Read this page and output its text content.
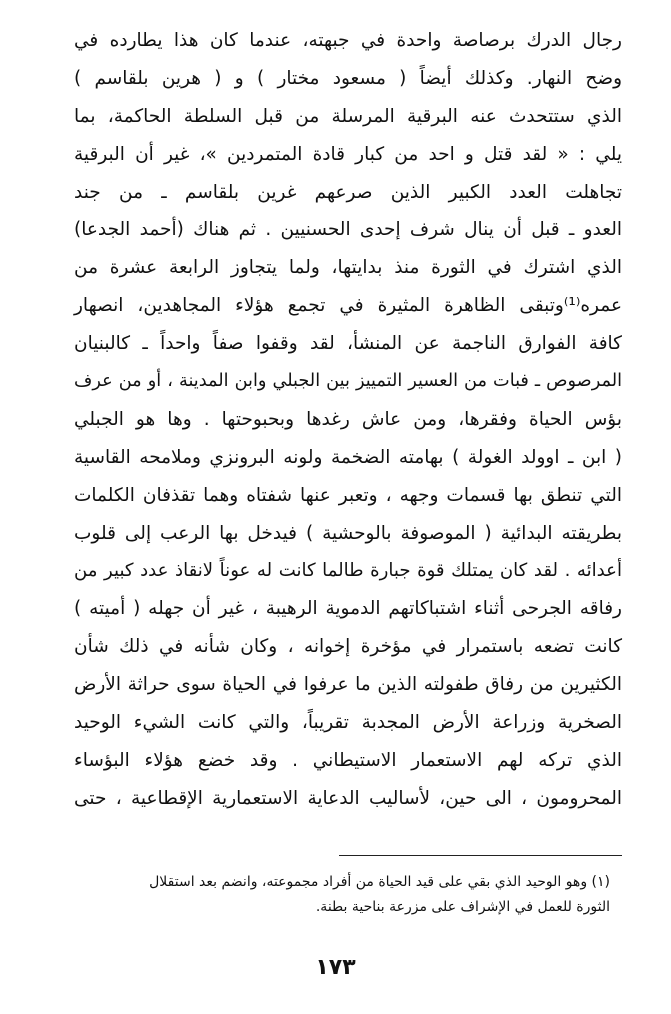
رجال الدرك برصاصة واحدة في جبهته، عندما كان هذا يطارده في
وضح النهار. وكذلك أيضاً ( مسعود مختار ) و ( هرين بلقاسم )
الذي ستتحدث عنه البرقية المرسلة من قبل السلطة الحاكمة، بما
يلي : « لقد قتل و احد من كبار قادة المتمردين »، غير أن البرقية
تجاهلت العدد الكبير الذين صرعهم غرين بلقاسم ـ من جند
العدو ـ قبل أن ينال شرف إحدى الحسنيين . ثم هناك (أحمد الجدعا)
الذي اشترك في الثورة منذ بدايتها، ولما يتجاوز الرابعة عشرة من
عمره⁽¹⁾وتبقى الظاهرة المثيرة في تجمع هؤلاء المجاهدين، انصهار
كافة الفوارق الناجمة عن المنشأ، لقد وقفوا صفاً واحداً ـ كالبنيان
المرصوص ـ فبات من العسير التمييز بين الجبلي وابن المدينة ، أو من عرف
بؤس الحياة وفقرها، ومن عاش رغدها وبحبوحتها . وها هو الجبلي
( ابن ـ اوولد الغولة ) بهامته الضخمة ولونه البرونزي وملامحه القاسية
التي تنطق بها قسمات وجهه ، وتعبر عنها شفتاه وهما تقذفان الكلمات
بطريقته البدائية ( الموصوفة بالوحشية ) فيدخل بها الرعب إلى قلوب
أعدائه . لقد كان يمتلك قوة جبارة طالما كانت له عوناً لانقاذ عدد كبير من
رفاقه الجرحى أثناء اشتباكاتهم الدموية الرهيبة ، غير أن جهله ( أميته )
كانت تضعه باستمرار في مؤخرة إخوانه ، وكان شأنه في ذلك شأن
الكثيرين من رفاق طفولته الذين ما عرفوا في الحياة سوى حراثة الأرض
الصخرية وزراعة الأرض المجدبة تقريباً، والتي كانت الشيء الوحيد
الذي تركه لهم الاستعمار الاستيطاني . وقد خضع هؤلاء البؤساء
المحرومون ، الى حين، لأساليب الدعاية الاستعمارية الإقطاعية ، حتى
(١) وهو الوحيد الذي بقي على قيد الحياة من أفراد مجموعته، وانضم بعد استقلال
الثورة للعمل في الإشراف على مزرعة بناحية بطنة.
١٧٣
